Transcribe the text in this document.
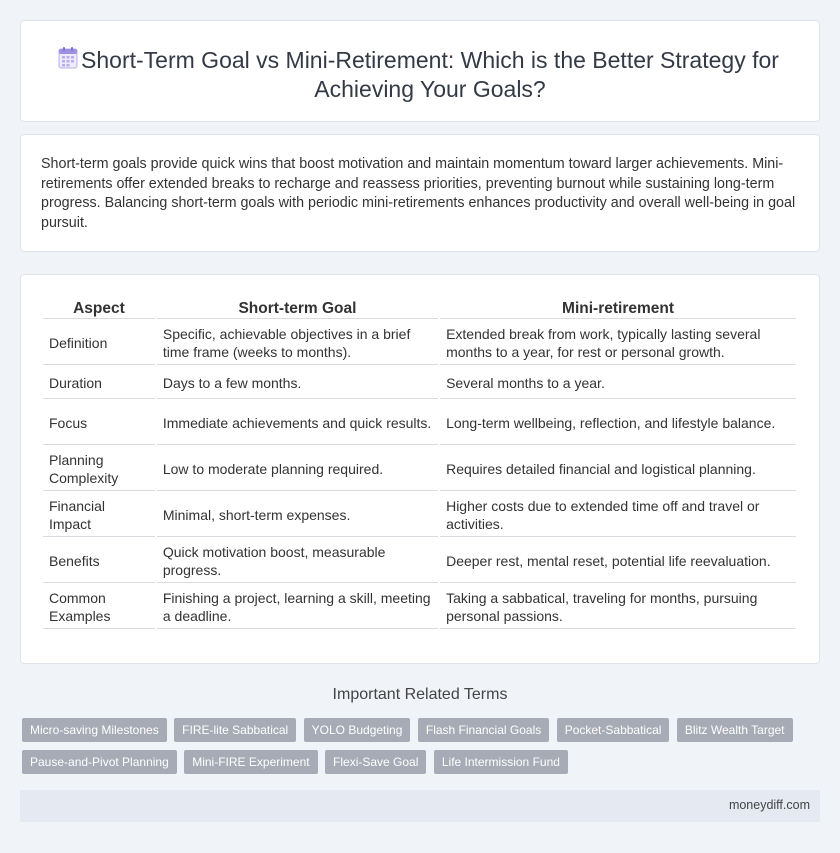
Short-Term Goal vs Mini-Retirement: Which is the Better Strategy for Achieving Your Goals?

Short-term goals provide quick wins that boost motivation and maintain momentum toward larger achievements. Mini-retirements offer extended breaks to recharge and reassess priorities, preventing burnout while sustaining long-term progress. Balancing short-term goals with periodic mini-retirements enhances productivity and overall well-being in goal pursuit.

Aspect	Short-term Goal	Mini-retirement
Definition	Specific, achievable objectives in a brief time frame (weeks to months).	Extended break from work, typically lasting several months to a year, for rest or personal growth.
Duration	Days to a few months.	Several months to a year.
Focus	Immediate achievements and quick results.	Long-term wellbeing, reflection, and lifestyle balance.
Planning Complexity	Low to moderate planning required.	Requires detailed financial and logistical planning.
Financial Impact	Minimal, short-term expenses.	Higher costs due to extended time off and travel or activities.
Benefits	Quick motivation boost, measurable progress.	Deeper rest, mental reset, potential life reevaluation.
Common Examples	Finishing a project, learning a skill, meeting a deadline.	Taking a sabbatical, traveling for months, pursuing personal passions.
Important Related Terms
Micro-saving Milestones FIRE-lite Sabbatical YOLO Budgeting Flash Financial Goals Pocket-Sabbatical Blitz Wealth Target Pause-and-Pivot Planning Mini-FIRE Experiment Flexi-Save Goal Life Intermission Fund
moneydiff.com
